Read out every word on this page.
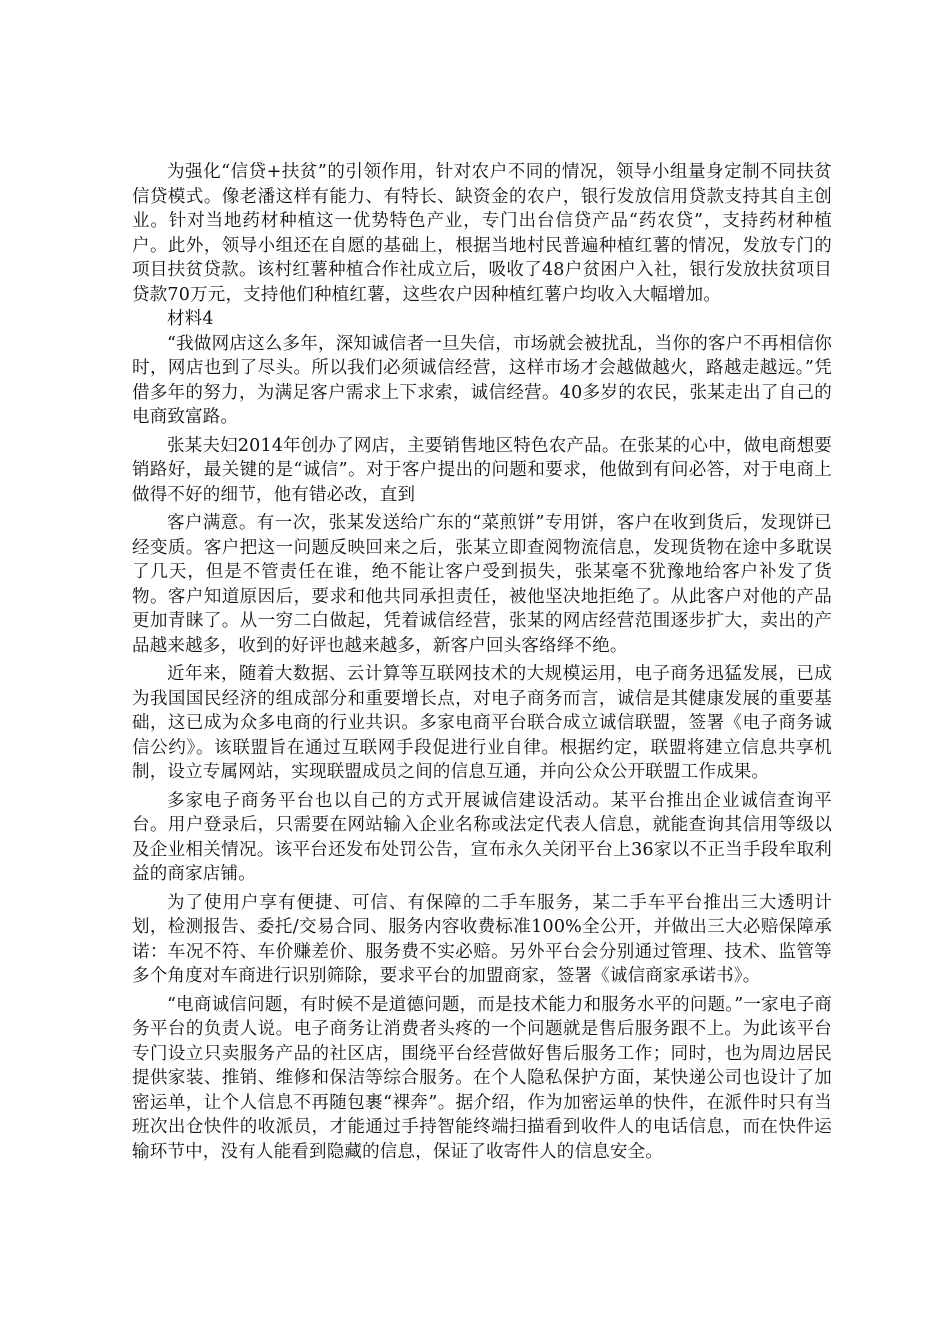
为强化“信贷+扶贫”的引领作用，针对农户不同的情况，领导小组量身定制不同扶贫信贷模式。像老潘这样有能力、有特长、缺资金的农户，银行发放信用贷款支持其自主创业。针对当地药材种植这一优势特色产业，专门出台信贷产品“药农贷”，支持药材种植户。此外，领导小组还在自愿的基础上，根据当地村民普遍种植红薯的情况，发放专门的项目扶贫贷款。该村红薯种植合作社成立后，吸收了48户贫困户入社，银行发放扶贫项目贷款70万元，支持他们种植红薯，这些农户因种植红薯户均收入大幅增加。

材料4

“我做网店这么多年，深知诚信者一旦失信，市场就会被扰乱，当你的客户不再相信你时，网店也到了尽头。所以我们必须诚信经营，这样市场才会越做越火，路越走越远。”凭借多年的努力，为满足客户需求上下求索，诚信经营。40多岁的农民，张某走出了自己的电商致富路。

张某夫妇2014年创办了网店，主要销售地区特色农产品。在张某的心中，做电商想要销路好，最关键的是“诚信”。对于客户提出的问题和要求，他做到有问必答，对于电商上做得不好的细节，他有错必改，直到

客户满意。有一次，张某发送给广东的“菜煎饼”专用饼，客户在收到货后，发现饼已经变质。客户把这一问题反映回来之后，张某立即查阅物流信息，发现货物在途中多耽误了几天，但是不管责任在谁，绝不能让客户受到损失，张某毫不犹豫地给客户补发了货物。客户知道原因后，要求和他共同承担责任，被他坚决地拒绝了。从此客户对他的产品更加青睐了。从一穷二白做起，凭着诚信经营，张某的网店经营范围逐步扩大，卖出的产品越来越多，收到的好评也越来越多，新客户回头客络绎不绝。

近年来，随着大数据、云计算等互联网技术的大规模运用，电子商务迅猛发展，已成为我国国民经济的组成部分和重要增长点，对电子商务而言，诚信是其健康发展的重要基础，这已成为众多电商的行业共识。多家电商平台联合成立诚信联盟，签署《电子商务诚信公约》。该联盟旨在通过互联网手段促进行业自律。根据约定，联盟将建立信息共享机制，设立专属网站，实现联盟成员之间的信息互通，并向公众公开联盟工作成果。

多家电子商务平台也以自己的方式开展诚信建设活动。某平台推出企业诚信查询平台。用户登录后，只需要在网站输入企业名称或法定代表人信息，就能查询其信用等级以及企业相关情况。该平台还发布处罚公告，宣布永久关闭平台上36家以不正当手段牟取利益的商家店铺。

为了使用户享有便捷、可信、有保障的二手车服务，某二手车平台推出三大透明计划，检测报告、委托/交易合同、服务内容收费标准100%全公开，并做出三大必赔保障承诺：车况不符、车价赚差价、服务费不实必赔。另外平台会分别通过管理、技术、监管等多个角度对车商进行识别筛除，要求平台的加盟商家，签署《诚信商家承诺书》。

“电商诚信问题，有时候不是道德问题，而是技术能力和服务水平的问题。”一家电子商务平台的负责人说。电子商务让消费者头疼的一个问题就是售后服务跟不上。为此该平台专门设立只卖服务产品的社区店，围绕平台经营做好售后服务工作；同时，也为周边居民提供家装、推销、维修和保洁等综合服务。在个人隐私保护方面，某快递公司也设计了加密运单，让个人信息不再随包裹“裸奔”。据介绍，作为加密运单的快件，在派件时只有当班次出仓快件的收派员，才能通过手持智能终端扫描看到收件人的电话信息，而在快件运输环节中，没有人能看到隐藏的信息，保证了收寄件人的信息安全。
